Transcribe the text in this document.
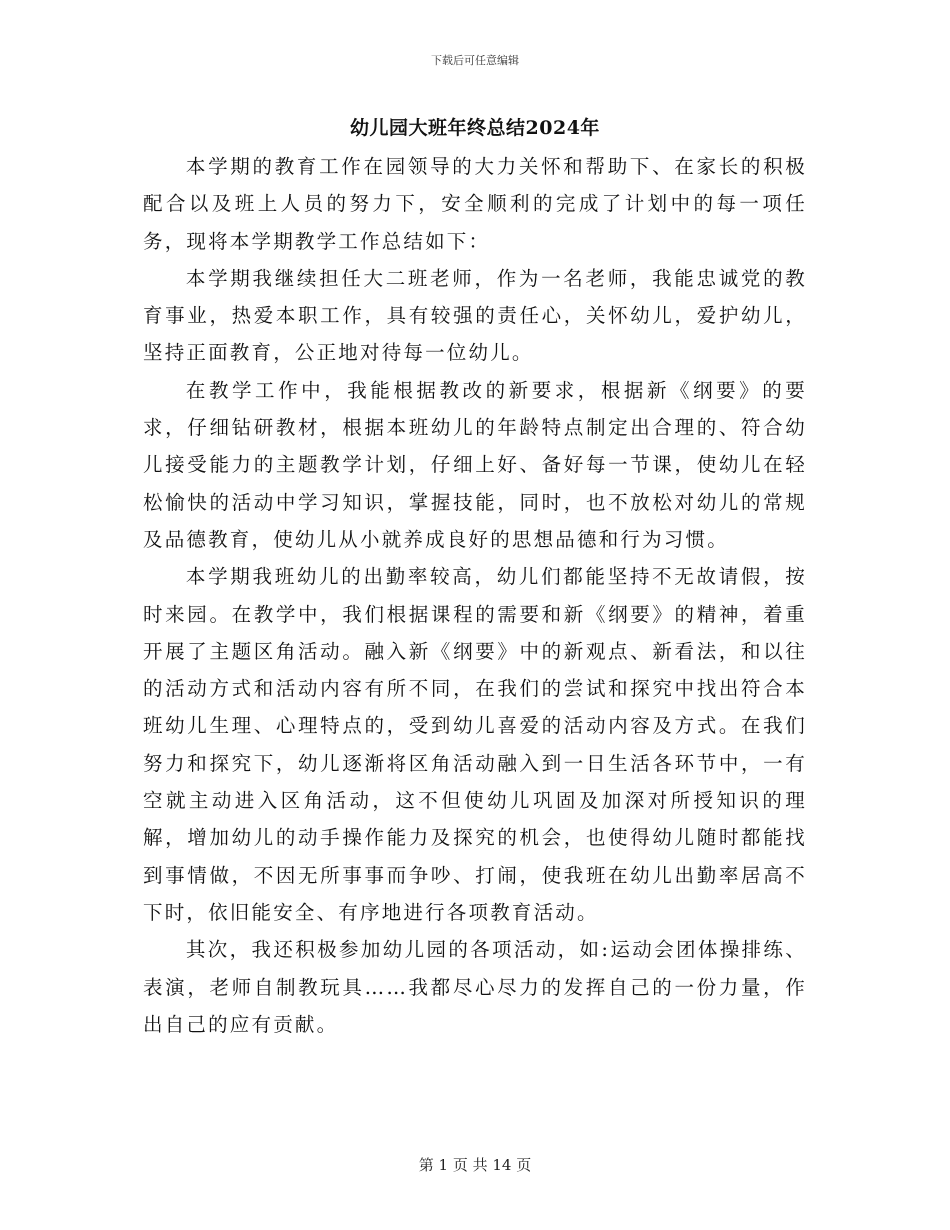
下载后可任意编辑
幼儿园大班年终总结2024年

本学期的教育工作在园领导的大力关怀和帮助下、在家长的积极配合以及班上人员的努力下，安全顺利的完成了计划中的每一项任务，现将本学期教学工作总结如下：

本学期我继续担任大二班老师，作为一名老师，我能忠诚党的教育事业，热爱本职工作，具有较强的责任心，关怀幼儿，爱护幼儿，坚持正面教育，公正地对待每一位幼儿。

在教学工作中，我能根据教改的新要求，根据新《纲要》的要求，仔细钻研教材，根据本班幼儿的年龄特点制定出合理的、符合幼儿接受能力的主题教学计划，仔细上好、备好每一节课，使幼儿在轻松愉快的活动中学习知识，掌握技能，同时，也不放松对幼儿的常规及品德教育，使幼儿从小就养成良好的思想品德和行为习惯。

本学期我班幼儿的出勤率较高，幼儿们都能坚持不无故请假，按时来园。在教学中，我们根据课程的需要和新《纲要》的精神，着重开展了主题区角活动。融入新《纲要》中的新观点、新看法，和以往的活动方式和活动内容有所不同，在我们的尝试和探究中找出符合本班幼儿生理、心理特点的，受到幼儿喜爱的活动内容及方式。在我们努力和探究下，幼儿逐渐将区角活动融入到一日生活各环节中，一有空就主动进入区角活动，这不但使幼儿巩固及加深对所授知识的理解，增加幼儿的动手操作能力及探究的机会，也使得幼儿随时都能找到事情做，不因无所事事而争吵、打闹，使我班在幼儿出勤率居高不下时，依旧能安全、有序地进行各项教育活动。

其次，我还积极参加幼儿园的各项活动，如:运动会团体操排练、表演，老师自制教玩具……我都尽心尽力的发挥自己的一份力量，作出自己的应有贡献。

第 1 页 共 14 页
